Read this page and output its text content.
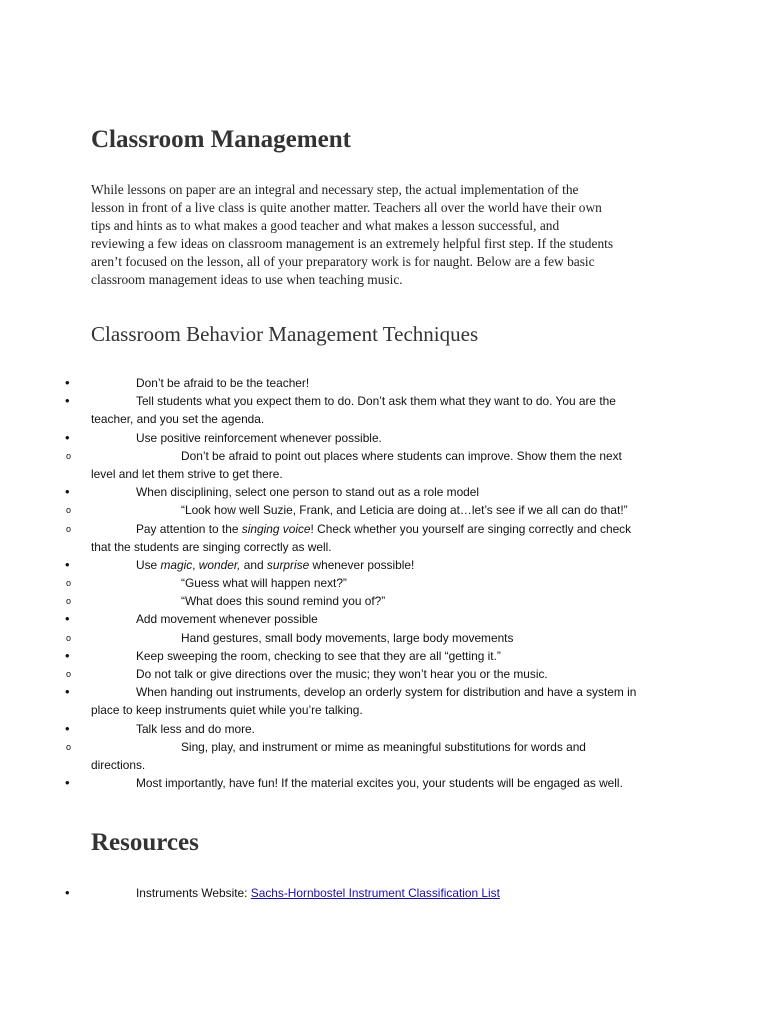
Classroom Management
While lessons on paper are an integral and necessary step, the actual implementation of the
lesson in front of a live class is quite another matter. Teachers all over the world have their own
tips and hints as to what makes a good teacher and what makes a lesson successful, and
reviewing a few ideas on classroom management is an extremely helpful first step. If the students
aren’t focused on the lesson, all of your preparatory work is for naught. Below are a few basic
classroom management ideas to use when teaching music.
Classroom Behavior Management Techniques
•	Don’t be afraid to be the teacher!
•	Tell students what you expect them to do. Don’t ask them what they want to do. You are the
teacher, and you set the agenda.
•	Use positive reinforcement whenever possible.
o	Don’t be afraid to point out places where students can improve. Show them the next
level and let them strive to get there.
•	When disciplining, select one person to stand out as a role model
o	“Look how well Suzie, Frank, and Leticia are doing at…let’s see if we all can do that!”
o	Pay attention to the singing voice! Check whether you yourself are singing correctly and check
that the students are singing correctly as well.
•	Use magic, wonder, and surprise whenever possible!
o	“Guess what will happen next?”
o	“What does this sound remind you of?”
•	Add movement whenever possible
o	Hand gestures, small body movements, large body movements
•	Keep sweeping the room, checking to see that they are all “getting it.”
o	Do not talk or give directions over the music; they won’t hear you or the music.
•	When handing out instruments, develop an orderly system for distribution and have a system in
place to keep instruments quiet while you’re talking.
•	Talk less and do more.
o	Sing, play, and instrument or mime as meaningful substitutions for words and
directions.
•	Most importantly, have fun! If the material excites you, your students will be engaged as well.
Resources
•	Instruments Website: Sachs-Hornbostel Instrument Classification List
